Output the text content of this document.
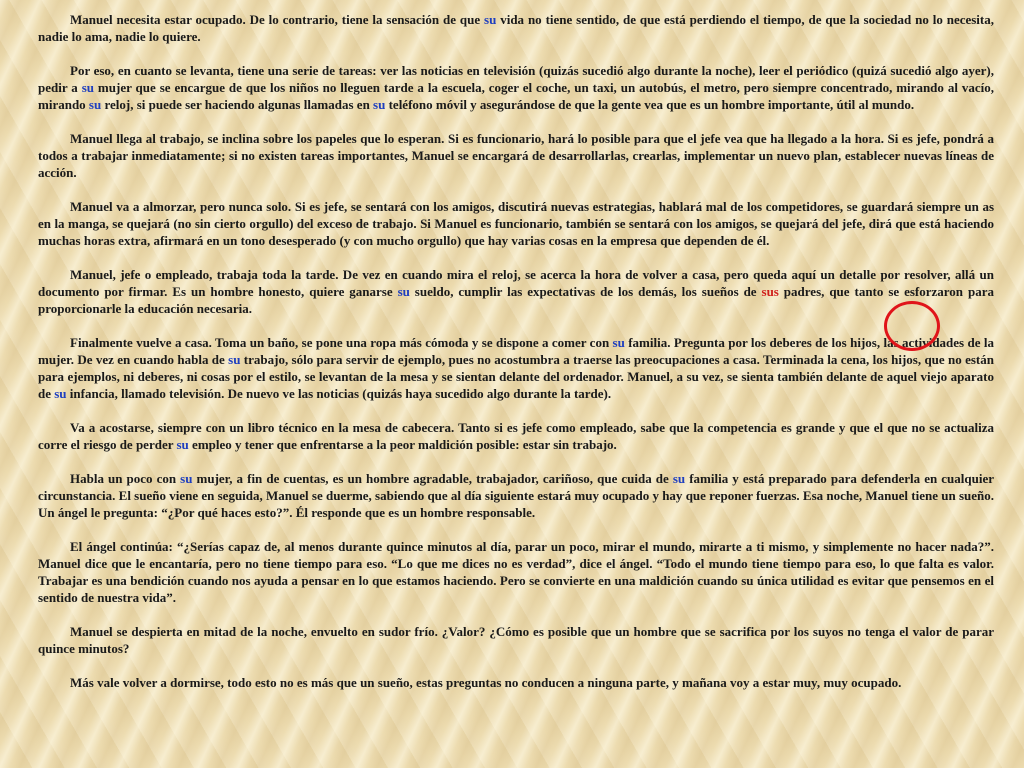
Manuel necesita estar ocupado. De lo contrario, tiene la sensación de que su vida no tiene sentido, de que está perdiendo el tiempo, de que la sociedad no lo necesita, nadie lo ama, nadie lo quiere.

Por eso, en cuanto se levanta, tiene una serie de tareas: ver las noticias en televisión (quizás sucedió algo durante la noche), leer el periódico (quizá sucedió algo ayer), pedir a su mujer que se encargue de que los niños no lleguen tarde a la escuela, coger el coche, un taxi, un autobús, el metro, pero siempre concentrado, mirando al vacío, mirando su reloj, si puede ser haciendo algunas llamadas en su teléfono móvil y asegurándose de que la gente vea que es un hombre importante, útil al mundo.

Manuel llega al trabajo, se inclina sobre los papeles que lo esperan. Si es funcionario, hará lo posible para que el jefe vea que ha llegado a la hora. Si es jefe, pondrá a todos a trabajar inmediatamente; si no existen tareas importantes, Manuel se encargará de desarrollarlas, crearlas, implementar un nuevo plan, establecer nuevas líneas de acción.

Manuel va a almorzar, pero nunca solo. Si es jefe, se sentará con los amigos, discutirá nuevas estrategias, hablará mal de los competidores, se guardará siempre un as en la manga, se quejará (no sin cierto orgullo) del exceso de trabajo. Si Manuel es funcionario, también se sentará con los amigos, se quejará del jefe, dirá que está haciendo muchas horas extra, afirmará en un tono desesperado (y con mucho orgullo) que hay varias cosas en la empresa que dependen de él.

Manuel, jefe o empleado, trabaja toda la tarde. De vez en cuando mira el reloj, se acerca la hora de volver a casa, pero queda aquí un detalle por resolver, allá un documento por firmar. Es un hombre honesto, quiere ganarse su sueldo, cumplir las expectativas de los demás, los sueños de sus padres, que tanto se esforzaron para proporcionarle la educación necesaria.

Finalmente vuelve a casa. Toma un baño, se pone una ropa más cómoda y se dispone a comer con su familia. Pregunta por los deberes de los hijos, las actividades de la mujer. De vez en cuando habla de su trabajo, sólo para servir de ejemplo, pues no acostumbra a traerse las preocupaciones a casa. Terminada la cena, los hijos, que no están para ejemplos, ni deberes, ni cosas por el estilo, se levantan de la mesa y se sientan delante del ordenador. Manuel, a su vez, se sienta también delante de aquel viejo aparato de su infancia, llamado televisión. De nuevo ve las noticias (quizás haya sucedido algo durante la tarde).

Va a acostarse, siempre con un libro técnico en la mesa de cabecera. Tanto si es jefe como empleado, sabe que la competencia es grande y que el que no se actualiza corre el riesgo de perder su empleo y tener que enfrentarse a la peor maldición posible: estar sin trabajo.

Habla un poco con su mujer, a fin de cuentas, es un hombre agradable, trabajador, cariñoso, que cuida de su familia y está preparado para defenderla en cualquier circunstancia. El sueño viene en seguida, Manuel se duerme, sabiendo que al día siguiente estará muy ocupado y hay que reponer fuerzas. Esa noche, Manuel tiene un sueño. Un ángel le pregunta: “¿Por qué haces esto?”. Él responde que es un hombre responsable.

El ángel continúa: “¿Serías capaz de, al menos durante quince minutos al día, parar un poco, mirar el mundo, mirarte a ti mismo, y simplemente no hacer nada?”. Manuel dice que le encantaría, pero no tiene tiempo para eso. “Lo que me dices no es verdad”, dice el ángel. “Todo el mundo tiene tiempo para eso, lo que falta es valor. Trabajar es una bendición cuando nos ayuda a pensar en lo que estamos haciendo. Pero se convierte en una maldición cuando su única utilidad es evitar que pensemos en el sentido de nuestra vida”.

Manuel se despierta en mitad de la noche, envuelto en sudor frío. ¿Valor? ¿Cómo es posible que un hombre que se sacrifica por los suyos no tenga el valor de parar quince minutos?

Más vale volver a dormirse, todo esto no es más que un sueño, estas preguntas no conducen a ninguna parte, y mañana voy a estar muy, muy ocupado.
